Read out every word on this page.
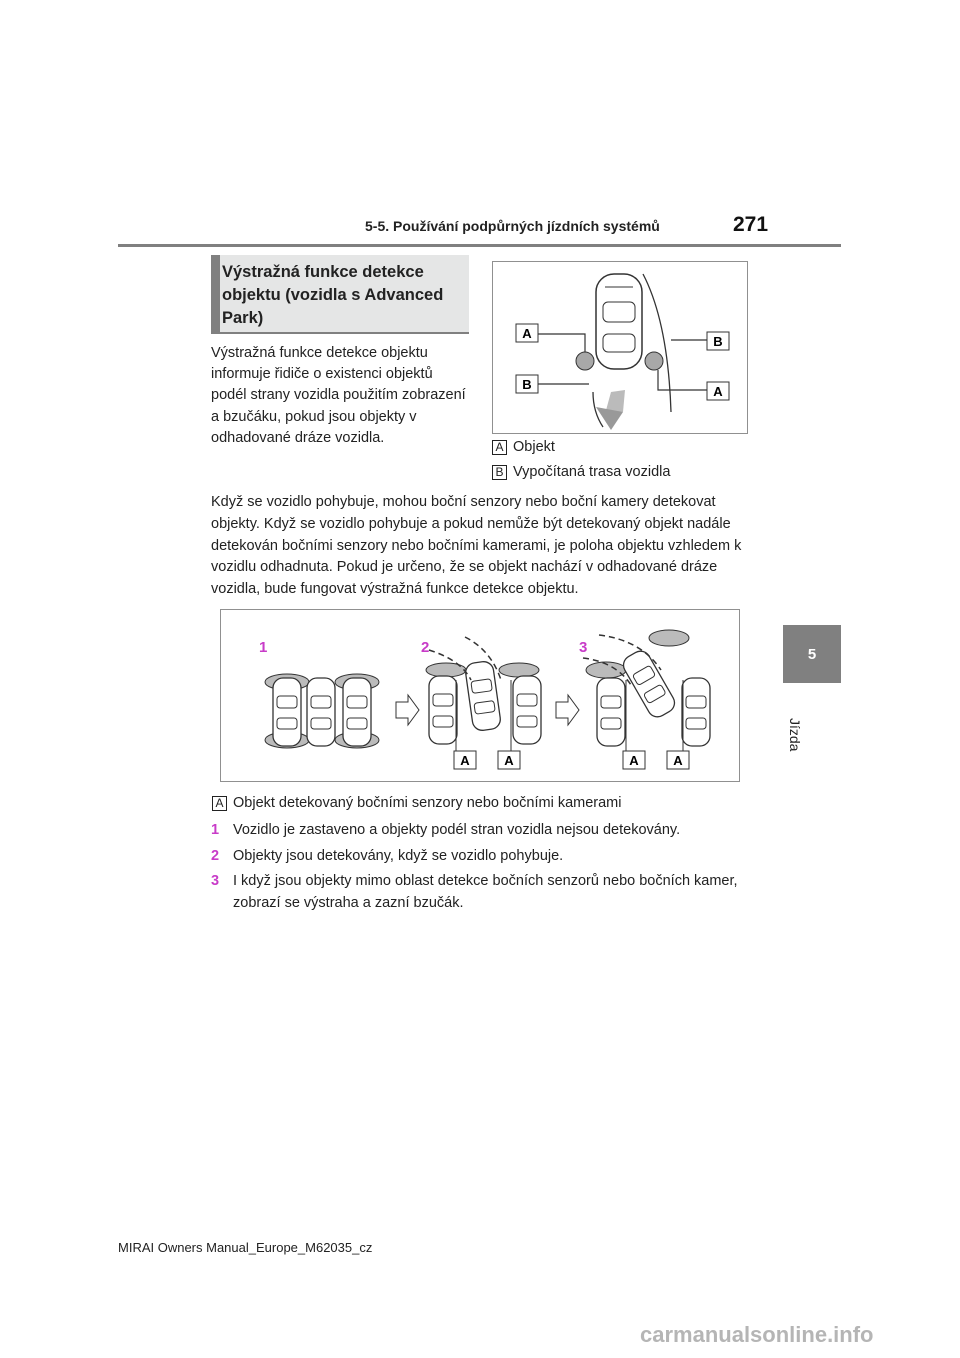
5-5. Používání podpůrných jízdních systémů	271
5
Jízda
Výstražná funkce detekce objektu (vozidla s Advanced Park)
Výstražná funkce detekce objektu informuje řidiče o existenci objektů podél strany vozidla použitím zobrazení a bzučáku, pokud jsou objekty v odhadované dráze vozidla.
A
B
B
A
A Objekt
B Vypočítaná trasa vozidla
Když se vozidlo pohybuje, mohou boční senzory nebo boční kamery detekovat objekty. Když se vozidlo pohybuje a pokud nemůže být detekovaný objekt nadále detekován bočními senzory nebo bočními kamerami, je poloha objektu vzhledem k vozidlu odhadnuta. Pokud je určeno, že se objekt nachází v odhadované dráze vozidla, bude fungovat výstražná funkce detekce objektu.
1	2	3
A	A	A	A
A Objekt detekovaný bočními senzory nebo bočními kamerami
1 Vozidlo je zastaveno a objekty podél stran vozidla nejsou detekovány.
2 Objekty jsou detekovány, když se vozidlo pohybuje.
3 I když jsou objekty mimo oblast detekce bočních senzorů nebo bočních kamer, zobrazí se výstraha a zazní bzučák.
MIRAI Owners Manual_Europe_M62035_cz
carmanualsonline.info
